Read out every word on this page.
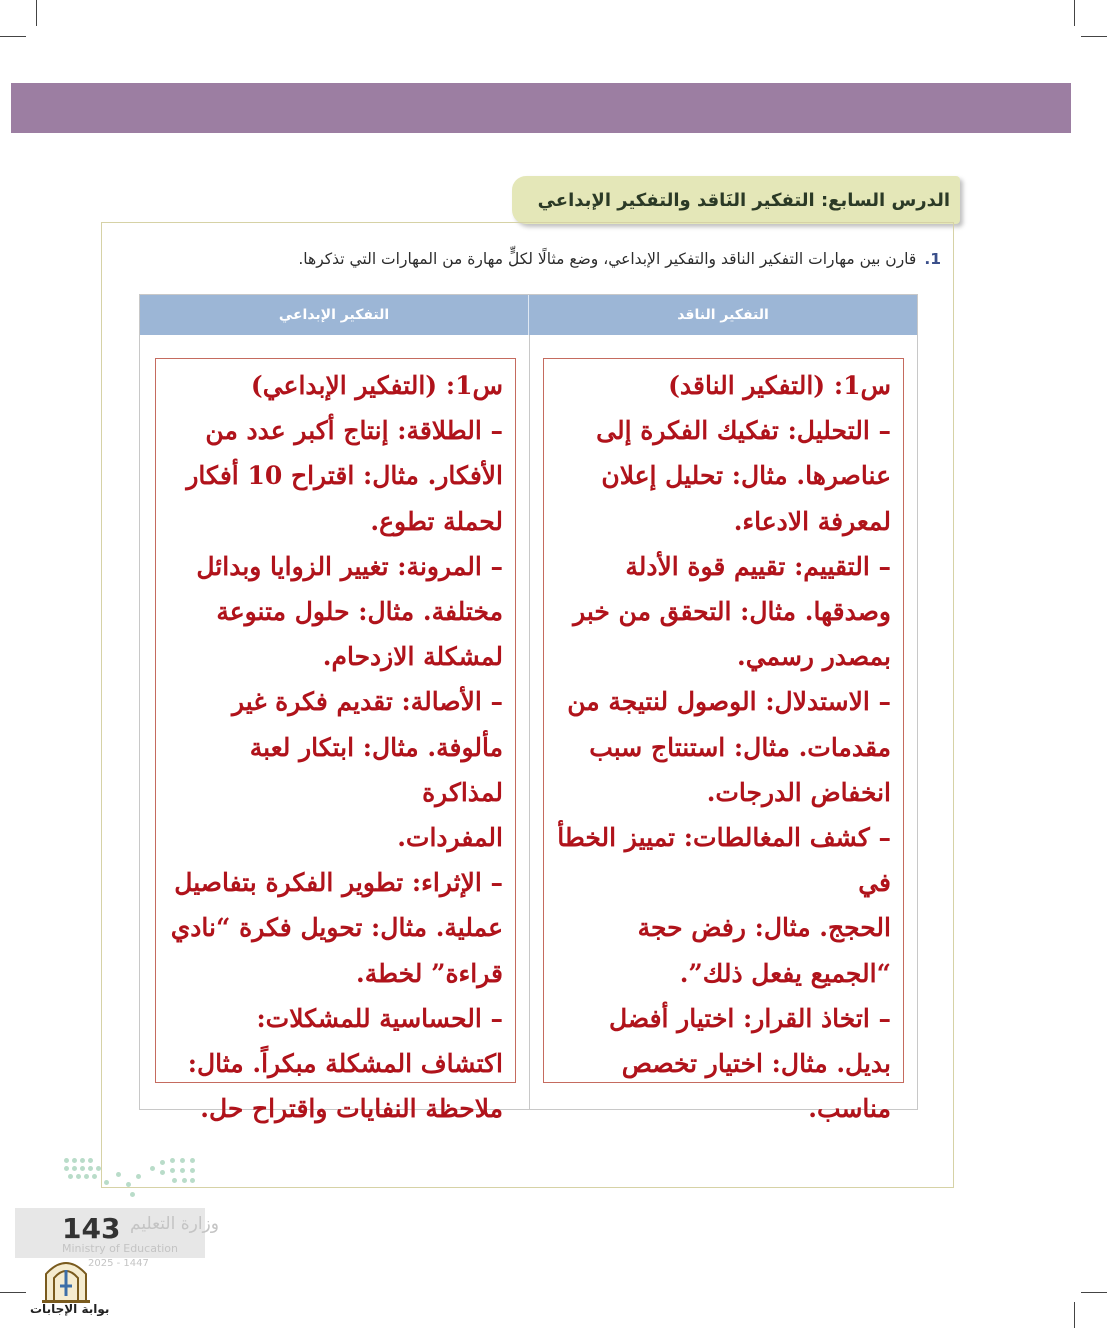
الدرس السابع: التفكير النَاقد والتفكير الإبداعي
1.قارن بين مهارات التفكير الناقد والتفكير الإبداعي، وضع مثالًا لكلٍّ مهارة من المهارات التي تذكرها.
التفكير الناقد
التفكير الإبداعي

س1: (التفكير الناقد)

– التحليل: تفكيك الفكرة إلى

عناصرها. مثال: تحليل إعلان

لمعرفة الادعاء.

– التقييم: تقييم قوة الأدلة

وصدقها. مثال: التحقق من خبر

بمصدر رسمي.

– الاستدلال: الوصول لنتيجة من

مقدمات. مثال: استنتاج سبب

انخفاض الدرجات.

– كشف المغالطات: تمييز الخطأ في

الحجج. مثال: رفض حجة

“الجميع يفعل ذلك”.

– اتخاذ القرار: اختيار أفضل

بديل. مثال: اختيار تخصص

مناسب.

س1: (التفكير الإبداعي)

– الطلاقة: إنتاج أكبر عدد من

الأفكار. مثال: اقتراح 10 أفكار

لحملة تطوع.

– المرونة: تغيير الزوايا وبدائل

مختلفة. مثال: حلول متنوعة

لمشكلة الازدحام.

– الأصالة: تقديم فكرة غير

مألوفة. مثال: ابتكار لعبة لمذاكرة

المفردات.

– الإثراء: تطوير الفكرة بتفاصيل

عملية. مثال: تحويل فكرة “نادي

قراءة” لخطة.

– الحساسية للمشكلات:

اكتشاف المشكلة مبكراً. مثال:

ملاحظة النفايات واقتراح حل.

وزارة التعليم
Ministry of Education
2025 - 1447
143
بوابة الإجابات
